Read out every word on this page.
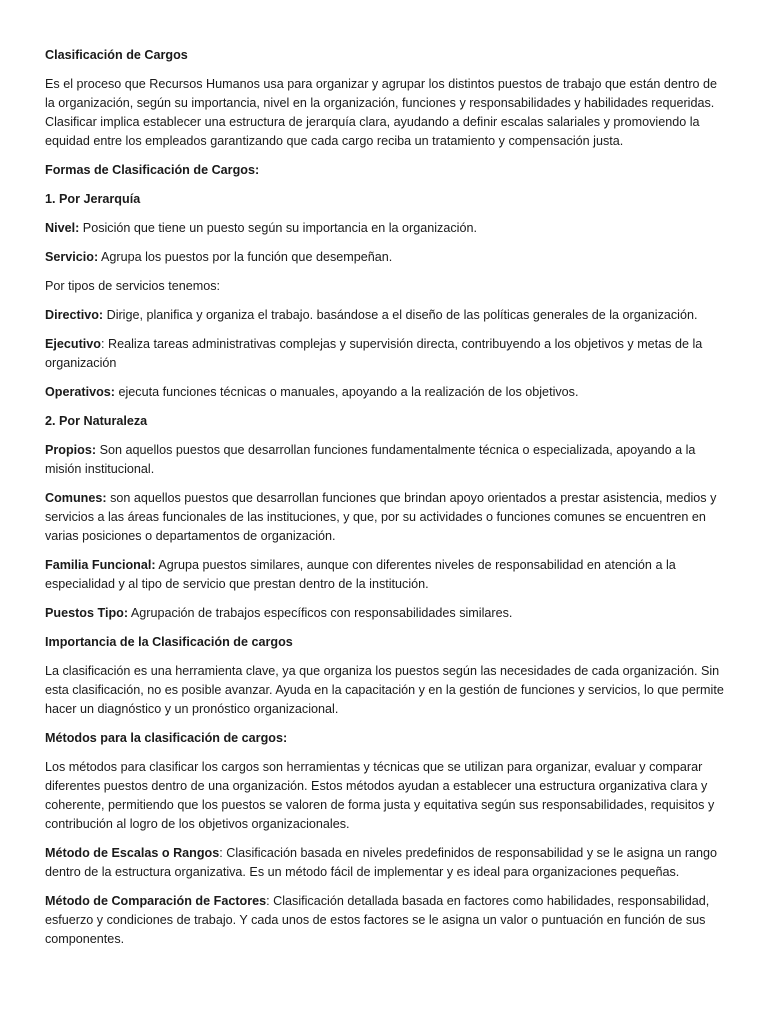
Clasificación de Cargos

Es el proceso que Recursos Humanos usa para organizar y agrupar los distintos puestos de trabajo que están dentro de la organización, según su importancia, nivel en la organización, funciones y responsabilidades y habilidades requeridas. Clasificar implica establecer una estructura de jerarquía clara, ayudando a definir escalas salariales y promoviendo la equidad entre los empleados garantizando que cada cargo reciba un tratamiento y compensación justa.

Formas de Clasificación de Cargos:

1. Por Jerarquía

Nivel: Posición que tiene un puesto según su importancia en la organización.

Servicio: Agrupa los puestos por la función que desempeñan.

Por tipos de servicios tenemos:

Directivo: Dirige, planifica y organiza el trabajo. basándose a el diseño de las políticas generales de la organización.

Ejecutivo: Realiza tareas administrativas complejas y supervisión directa, contribuyendo a los objetivos y metas de la organización

Operativos: ejecuta funciones técnicas o manuales, apoyando a la realización de los objetivos.

2. Por Naturaleza

Propios: Son aquellos puestos que desarrollan funciones fundamentalmente técnica o especializada, apoyando a la misión institucional.

Comunes: son aquellos puestos que desarrollan funciones que brindan apoyo orientados a prestar asistencia, medios y servicios a las áreas funcionales de las instituciones, y que, por su actividades o funciones comunes se encuentren en varias posiciones o departamentos de organización.

Familia Funcional: Agrupa puestos similares, aunque con diferentes niveles de responsabilidad en atención a la especialidad y al tipo de servicio que prestan dentro de la institución.

Puestos Tipo: Agrupación de trabajos específicos con responsabilidades similares.

Importancia de la Clasificación de cargos

La clasificación es una herramienta clave, ya que organiza los puestos según las necesidades de cada organización. Sin esta clasificación, no es posible avanzar. Ayuda en la capacitación y en la gestión de funciones y servicios, lo que permite hacer un diagnóstico y un pronóstico organizacional.

Métodos para la clasificación de cargos:

Los métodos para clasificar los cargos son herramientas y técnicas que se utilizan para organizar, evaluar y comparar diferentes puestos dentro de una organización. Estos métodos ayudan a establecer una estructura organizativa clara y coherente, permitiendo que los puestos se valoren de forma justa y equitativa según sus responsabilidades, requisitos y contribución al logro de los objetivos organizacionales.

Método de Escalas o Rangos: Clasificación basada en niveles predefinidos de responsabilidad y se le asigna un rango dentro de la estructura organizativa. Es un método fácil de implementar y es ideal para organizaciones pequeñas.

Método de Comparación de Factores: Clasificación detallada basada en factores como habilidades, responsabilidad, esfuerzo y condiciones de trabajo. Y cada unos de estos factores se le asigna un valor o puntuación en función de sus componentes.
